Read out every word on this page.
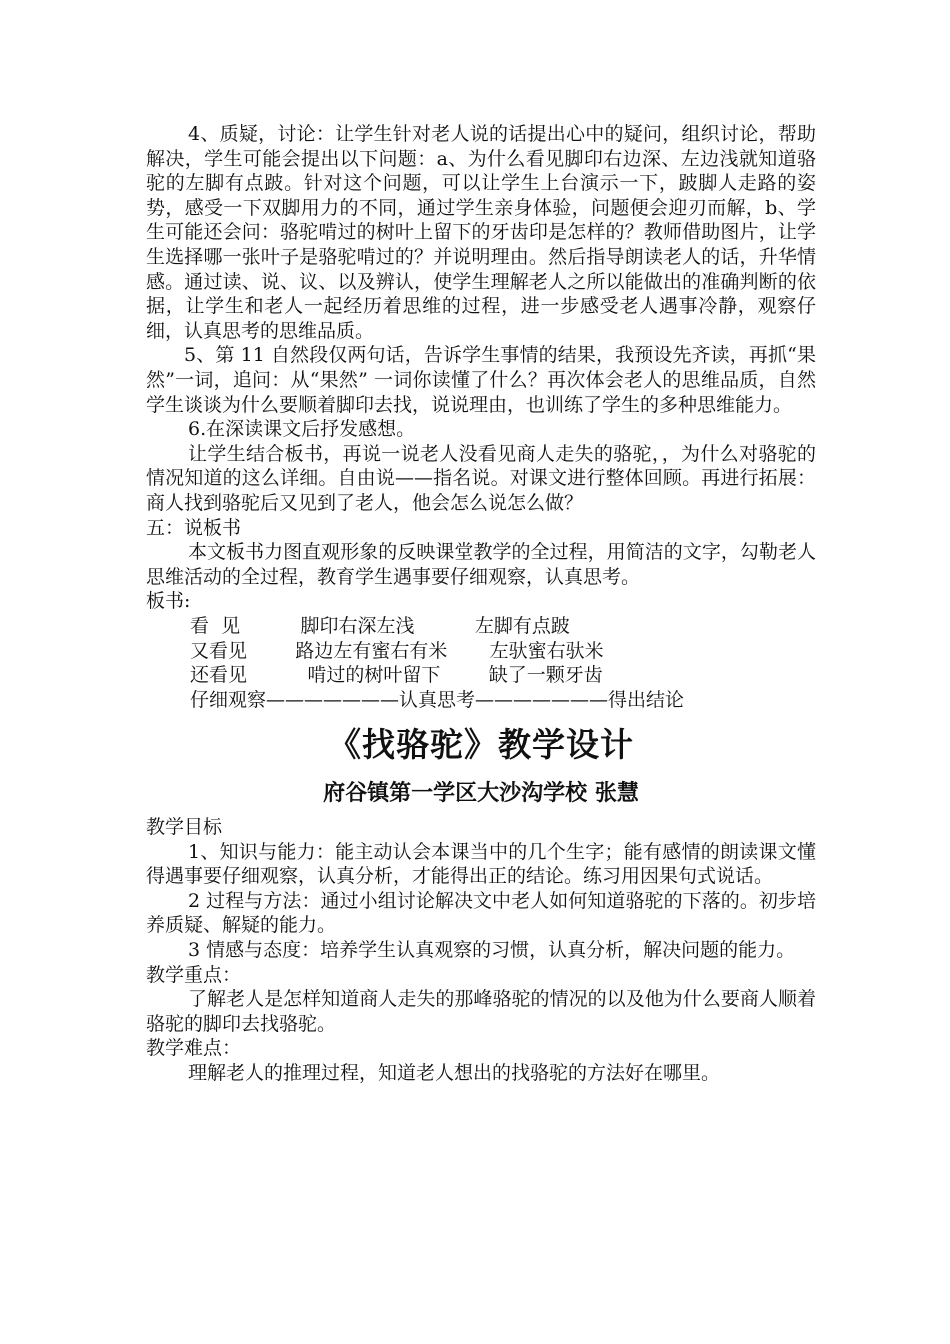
4、质疑，讨论：让学生针对老人说的话提出心中的疑问，组织讨论，帮助解决，学生可能会提出以下问题：a、为什么看见脚印右边深、左边浅就知道骆驼的左脚有点跛。针对这个问题，可以让学生上台演示一下，跛脚人走路的姿势，感受一下双脚用力的不同，通过学生亲身体验，问题便会迎刃而解，b、学生可能还会问：骆驼啃过的树叶上留下的牙齿印是怎样的？教师借助图片，让学生选择哪一张叶子是骆驼啃过的？并说明理由。然后指导朗读老人的话，升华情感。通过读、说、议、以及辨认，使学生理解老人之所以能做出的准确判断的依据，让学生和老人一起经历着思维的过程，进一步感受老人遇事冷静，观察仔细，认真思考的思维品质。

5、第 11 自然段仅两句话，告诉学生事情的结果，我预设先齐读，再抓“果然”一词，追问：从“果然” 一词你读懂了什么？再次体会老人的思维品质，自然学生谈谈为什么要顺着脚印去找，说说理由，也训练了学生的多种思维能力。

6.在深读课文后抒发感想。

让学生结合板书，再说一说老人没看见商人走失的骆驼，，为什么对骆驼的情况知道的这么详细。自由说——指名说。对课文进行整体回顾。再进行拓展：商人找到骆驼后又见到了老人，他会怎么说怎么做？

五：说板书

本文板书力图直观形象的反映课堂教学的全过程，用简洁的文字，勾勒老人思维活动的全过程，教育学生遇事要仔细观察，认真思考。

板书:

看  见          脚印右深左浅          左脚有点跛

又看见        路边左有蜜右有米       左驮蜜右驮米

还看见          啃过的树叶留下        缺了一颗牙齿

仔细观察———————认真思考———————得出结论

《找骆驼》教学设计
府谷镇第一学区大沙沟学校 张慧

教学目标

1、知识与能力：能主动认会本课当中的几个生字；能有感情的朗读课文懂得遇事要仔细观察，认真分析，才能得出正的结论。练习用因果句式说话。

2 过程与方法：通过小组讨论解决文中老人如何知道骆驼的下落的。初步培养质疑、解疑的能力。

3 情感与态度：培养学生认真观察的习惯，认真分析，解决问题的能力。

教学重点：

了解老人是怎样知道商人走失的那峰骆驼的情况的以及他为什么要商人顺着骆驼的脚印去找骆驼。

教学难点：

理解老人的推理过程，知道老人想出的找骆驼的方法好在哪里。
